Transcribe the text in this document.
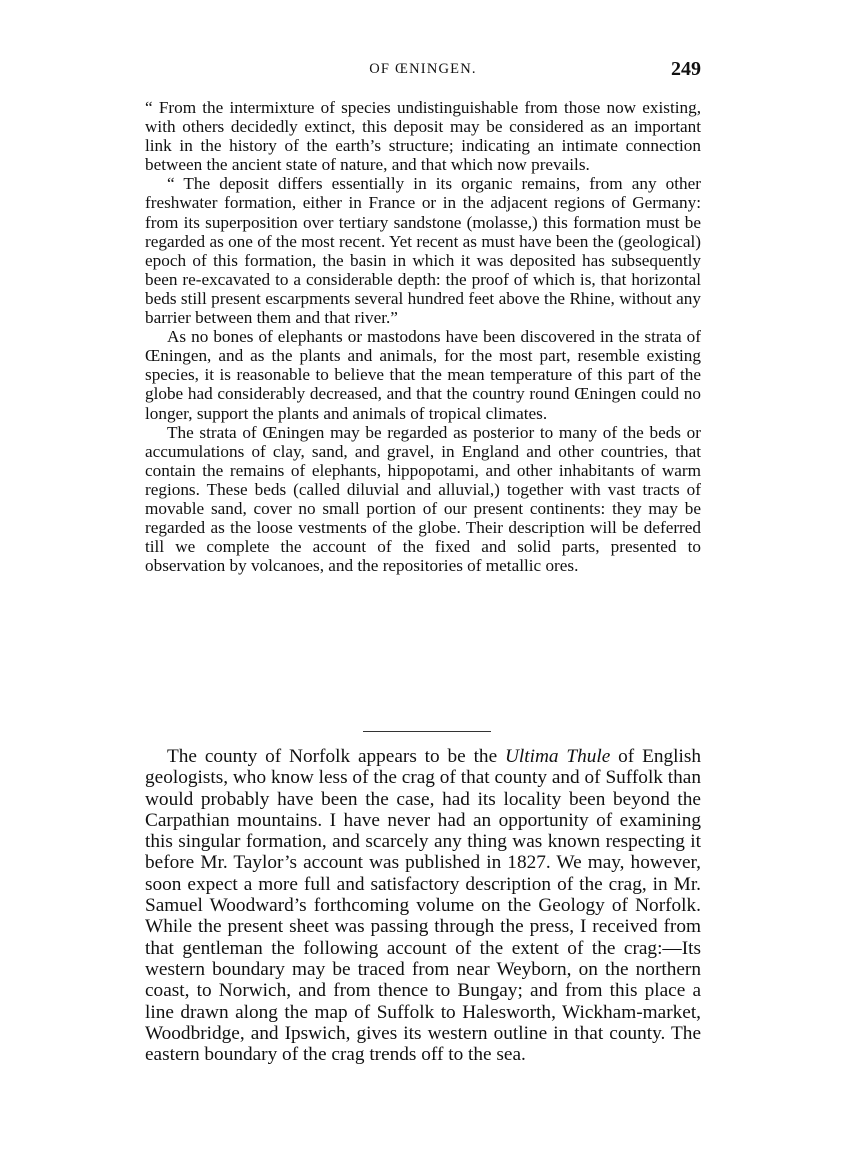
OF ŒNINGEN.	249

“ From the intermixture of species undistinguishable from those now existing, with others decidedly extinct, this deposit may be considered as an important link in the history of the earth’s structure; indicating an intimate connection between the ancient state of nature, and that which now prevails.

“ The deposit differs essentially in its organic remains, from any other freshwater formation, either in France or in the adjacent regions of Germany: from its superposition over tertiary sandstone (molasse,) this formation must be regarded as one of the most recent. Yet recent as must have been the (geological) epoch of this formation, the basin in which it was deposited has subsequently been re-excavated to a considerable depth: the proof of which is, that horizontal beds still present escarpments several hundred feet above the Rhine, without any barrier between them and that river.”

As no bones of elephants or mastodons have been discovered in the strata of Œningen, and as the plants and animals, for the most part, resemble existing species, it is reasonable to believe that the mean temperature of this part of the globe had considerably decreased, and that the country round Œningen could no longer, support the plants and animals of tropical climates.

The strata of Œningen may be regarded as posterior to many of the beds or accumulations of clay, sand, and gravel, in England and other countries, that contain the remains of elephants, hippopotami, and other inhabitants of warm regions. These beds (called diluvial and alluvial,) together with vast tracts of movable sand, cover no small portion of our present continents: they may be regarded as the loose vestments of the globe. Their description will be deferred till we complete the account of the fixed and solid parts, presented to observation by volcanoes, and the repositories of metallic ores.

The county of Norfolk appears to be the Ultima Thule of English geologists, who know less of the crag of that county and of Suffolk than would probably have been the case, had its locality been beyond the Carpathian mountains. I have never had an opportunity of examining this singular formation, and scarcely any thing was known respecting it before Mr. Taylor’s account was published in 1827. We may, however, soon expect a more full and satisfactory description of the crag, in Mr. Samuel Woodward’s forthcoming volume on the Geology of Norfolk. While the present sheet was passing through the press, I received from that gentleman the following account of the extent of the crag:—Its western boundary may be traced from near Weyborn, on the northern coast, to Norwich, and from thence to Bungay; and from this place a line drawn along the map of Suffolk to Halesworth, Wickham-market, Woodbridge, and Ipswich, gives its western outline in that county. The eastern boundary of the crag trends off to the sea.
